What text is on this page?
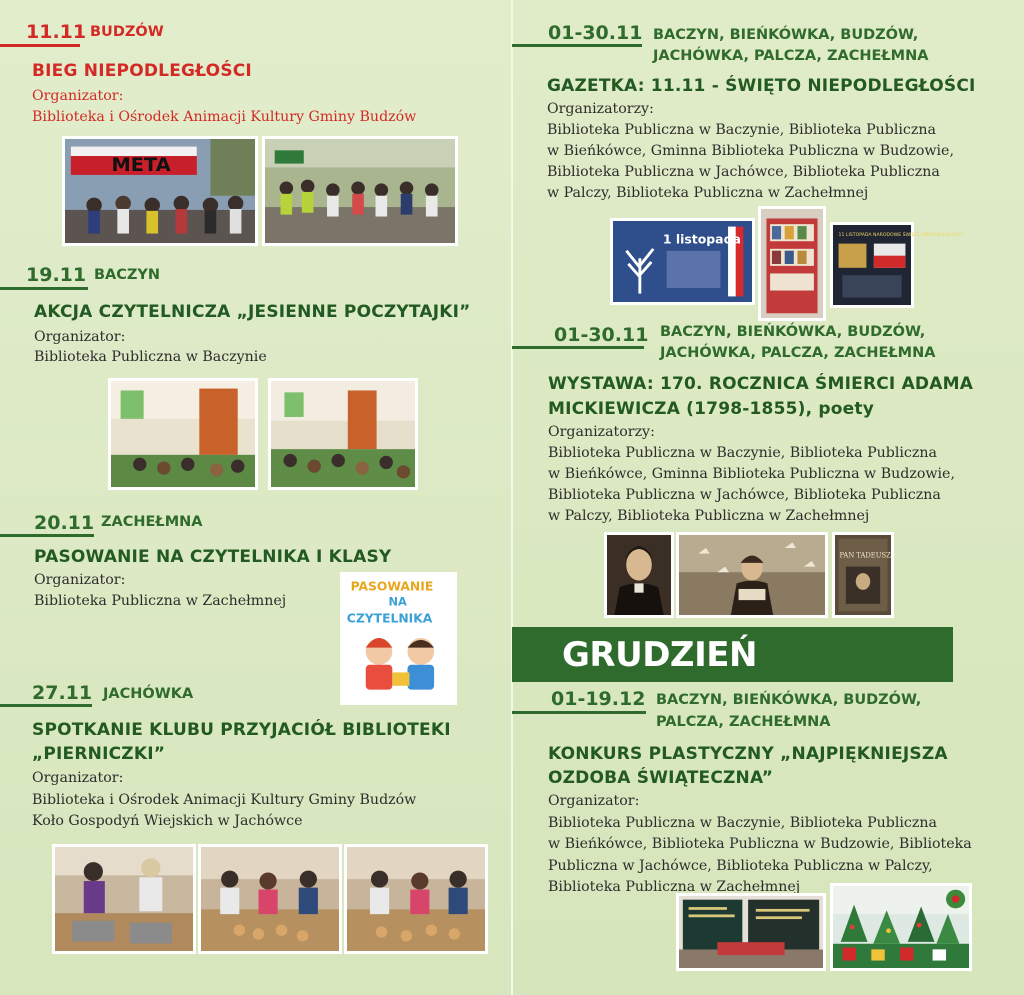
11.11 BUDZÓW
BIEG NIEPODLEGŁOŚCI
Organizator:
Biblioteka i Ośrodek Animacji Kultury Gminy Budzów
META
19.11 BACZYN
AKCJA CZYTELNICZA „JESIENNE POCZYTAJKI”
Organizator:
Biblioteka Publiczna w Baczynie
20.11 ZACHEŁMNA
PASOWANIE NA CZYTELNIKA I KLASY
Organizator:
Biblioteka Publiczna w Zachełmnej
PASOWANIE
NA
CZYTELNIKA
27.11 JACHÓWKA
SPOTKANIE KLUBU PRZYJACIÓŁ BIBLIOTEKI
„PIERNICZKI”
Organizator:
Biblioteka i Ośrodek Animacji Kultury Gminy Budzów
Koło Gospodyń Wiejskich w Jachówce
01-30.11 BACZYN, BIEŃKÓWKA, BUDZÓW,
JACHÓWKA, PALCZA, ZACHEŁMNA
GAZETKA: 11.11 - ŚWIĘTO NIEPODLEGŁOŚCI
Organizatorzy:
Biblioteka Publiczna w Baczynie, Biblioteka Publiczna
w Bieńkówce, Gminna Biblioteka Publiczna w Budzowie,
Biblioteka Publiczna w Jachówce, Biblioteka Publiczna
w Palczy, Biblioteka Publiczna w Zachełmnej
1 listopada	11 LISTOPADA NARODOWE ŚWIĘTO NIEPODLEGŁOŚCI
01-30.11 BACZYN, BIEŃKÓWKA, BUDZÓW,
JACHÓWKA, PALCZA, ZACHEŁMNA
WYSTAWA: 170. ROCZNICA ŚMIERCI ADAMA
MICKIEWICZA (1798-1855), poety
Organizatorzy:
Biblioteka Publiczna w Baczynie, Biblioteka Publiczna
w Bieńkówce, Gminna Biblioteka Publiczna w Budzowie,
Biblioteka Publiczna w Jachówce, Biblioteka Publiczna
w Palczy, Biblioteka Publiczna w Zachełmnej
PAN TADEUSZ
GRUDZIEŃ
01-19.12 BACZYN, BIEŃKÓWKA, BUDZÓW,
PALCZA, ZACHEŁMNA
KONKURS PLASTYCZNY „NAJPIĘKNIEJSZA
OZDOBA ŚWIĄTECZNA”
Organizator:
Biblioteka Publiczna w Baczynie, Biblioteka Publiczna
w Bieńkówce, Biblioteka Publiczna w Budzowie, Biblioteka
Publiczna w Jachówce, Biblioteka Publiczna w Palczy,
Biblioteka Publiczna w Zachełmnej
